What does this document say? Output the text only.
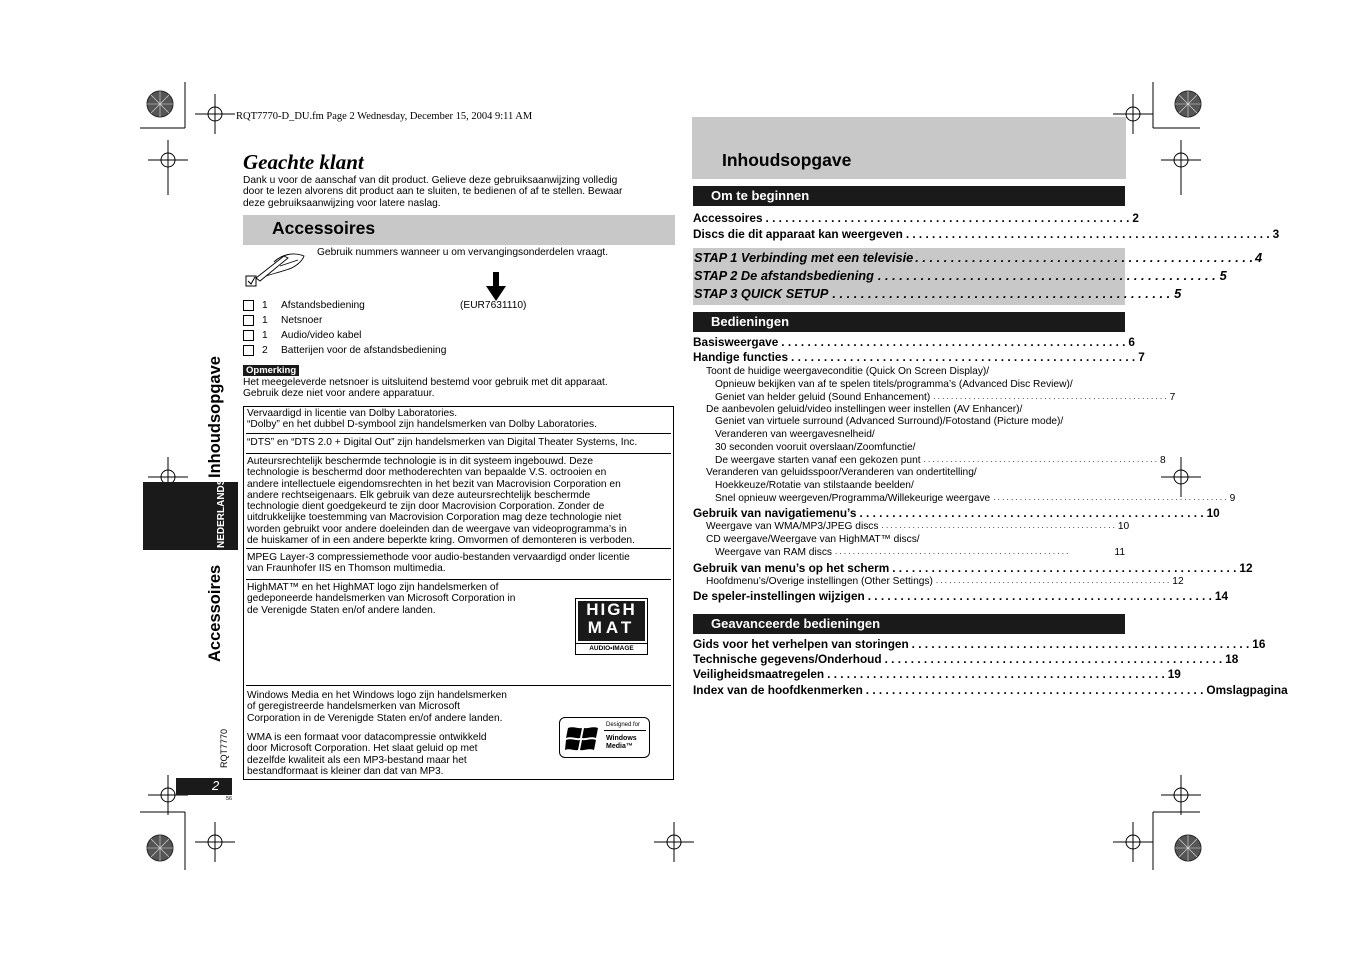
RQT7770-D_DU.fm Page 2 Wednesday, December 15, 2004 9:11 AM
NEDERLANDS
Inhoudsopgave
Accessoires
RQT7770
2
56
Geachte klant
Dank u voor de aanschaf van dit product. Gelieve deze gebruiksaanwijzing volledig
door te lezen alvorens dit product aan te sluiten, te bedienen of af te stellen. Bewaar
deze gebruiksaanwijzing voor latere naslag.
Accessoires
Gebruik nummers wanneer u om vervangingsonderdelen vraagt.
1 Afstandsbediening	(EUR7631110)
1 Netsnoer
1 Audio/video kabel
2 Batterijen voor de afstandsbediening
Opmerking
Het meegeleverde netsnoer is uitsluitend bestemd voor gebruik met dit apparaat.
Gebruik deze niet voor andere apparatuur.
Vervaardigd in licentie van Dolby Laboratories.
“Dolby” en het dubbel D-symbool zijn handelsmerken van Dolby Laboratories.
“DTS” en “DTS 2.0 + Digital Out” zijn handelsmerken van Digital Theater Systems, Inc.
Auteursrechtelijk beschermde technologie is in dit systeem ingebouwd. Deze
technologie is beschermd door methoderechten van bepaalde V.S. octrooien en
andere intellectuele eigendomsrechten in het bezit van Macrovision Corporation en
andere rechtseigenaars. Elk gebruik van deze auteursrechtelijk beschermde
technologie dient goedgekeurd te zijn door Macrovision Corporation. Zonder de
uitdrukkelijke toestemming van Macrovision Corporation mag deze technologie niet
worden gebruikt voor andere doeleinden dan de weergave van videoprogramma’s in
de huiskamer of in een andere beperkte kring. Omvormen of demonteren is verboden.
MPEG Layer-3 compressiemethode voor audio-bestanden vervaardigd onder licentie
van Fraunhofer IIS en Thomson multimedia.
HighMAT™ en het HighMAT logo zijn handelsmerken of
gedeponeerde handelsmerken van Microsoft Corporation in
de Verenigde Staten en/of andere landen.	HIGH
MAT
AUDIO•IMAGE
Windows Media en het Windows logo zijn handelsmerken
of geregistreerde handelsmerken van Microsoft
Corporation in de Verenigde Staten en/of andere landen.
WMA is een formaat voor datacompressie ontwikkeld
door Microsoft Corporation. Het slaat geluid op met
dezelfde kwaliteit als een MP3-bestand maar het
bestandformaat is kleiner dan dat van MP3.
Designed for
Windows
Media™
Inhoudsopgave
Om te beginnen
Accessoires . . . . . . . . . . . . . . . . . . . . . . . . . . . . . . . . . . . . . . . . . . . . . . . . . . . . . . . . 2
Discs die dit apparaat kan weergeven . . . . . . . . . . . . . . . . . . . . . . . . . . . . . . . . . . . . . . . . . . . . . . . . . . . . . . . . 3
STAP 1 Verbinding met een televisie . . . . . . . . . . . . . . . . . . . . . . . . . . . . . . . . . . . . . . . . . . . . . . . . 4
STAP 2 De afstandsbediening . . . . . . . . . . . . . . . . . . . . . . . . . . . . . . . . . . . . . . . . . . . . . . . . 5
STAP 3 QUICK SETUP . . . . . . . . . . . . . . . . . . . . . . . . . . . . . . . . . . . . . . . . . . . . . . . . 5
Bedieningen
Basisweergave . . . . . . . . . . . . . . . . . . . . . . . . . . . . . . . . . . . . . . . . . . . . . . . . . . . . . 6
Handige functies . . . . . . . . . . . . . . . . . . . . . . . . . . . . . . . . . . . . . . . . . . . . . . . . . . . . . 7
Toont de huidige weergaveconditie (Quick On Screen Display)/
Opnieuw bekijken van af te spelen titels/programma’s (Advanced Disc Review)/
Geniet van helder geluid (Sound Enhancement) . . . . . . . . . . . . . . . . . . . . . . . . . . . . . . . . . . . . . . . . . . . . . . . . . . . . . 7
De aanbevolen geluid/video instellingen weer instellen (AV Enhancer)/
Geniet van virtuele surround (Advanced Surround)/Fotostand (Picture mode)/
Veranderen van weergavesnelheid/
30 seconden vooruit overslaan/Zoomfunctie/
De weergave starten vanaf een gekozen punt . . . . . . . . . . . . . . . . . . . . . . . . . . . . . . . . . . . . . . . . . . . . . . . . . . . . . 8
Veranderen van geluidsspoor/Veranderen van ondertitelling/
Hoekkeuze/Rotatie van stilstaande beelden/
Snel opnieuw weergeven/Programma/Willekeurige weergave . . . . . . . . . . . . . . . . . . . . . . . . . . . . . . . . . . . . . . . . . . . . . . . . . . . . . 9
Gebruik van navigatiemenu’s . . . . . . . . . . . . . . . . . . . . . . . . . . . . . . . . . . . . . . . . . . . . . . . . . . . . . 10
Weergave van WMA/MP3/JPEG discs . . . . . . . . . . . . . . . . . . . . . . . . . . . . . . . . . . . . . . . . . . . . . . . . . . . . . 10
CD weergave/Weergave van HighMAT™ discs/
Weergave van RAM discs . . . . . . . . . . . . . . . . . . . . . . . . . . . . . . . . . . . . . . . . . . . . . . . . . . . . .	11
Gebruik van menu’s op het scherm . . . . . . . . . . . . . . . . . . . . . . . . . . . . . . . . . . . . . . . . . . . . . . . . . . . . . 12
Hoofdmenu’s/Overige instellingen (Other Settings) . . . . . . . . . . . . . . . . . . . . . . . . . . . . . . . . . . . . . . . . . . . . . . . . . . . . . 12
De speler-instellingen wijzigen . . . . . . . . . . . . . . . . . . . . . . . . . . . . . . . . . . . . . . . . . . . . . . . . . . . . . 14
Geavanceerde bedieningen
Gids voor het verhelpen van storingen . . . . . . . . . . . . . . . . . . . . . . . . . . . . . . . . . . . . . . . . . . . . . . . . . . . . 16
Technische gegevens/Onderhoud . . . . . . . . . . . . . . . . . . . . . . . . . . . . . . . . . . . . . . . . . . . . . . . . . . . . 18
Veiligheidsmaatregelen . . . . . . . . . . . . . . . . . . . . . . . . . . . . . . . . . . . . . . . . . . . . . . . . . . . . 19
Index van de hoofdkenmerken . . . . . . . . . . . . . . . . . . . . . . . . . . . . . . . . . . . . . . . . . . . . . . . . . . . . Omslagpagina
